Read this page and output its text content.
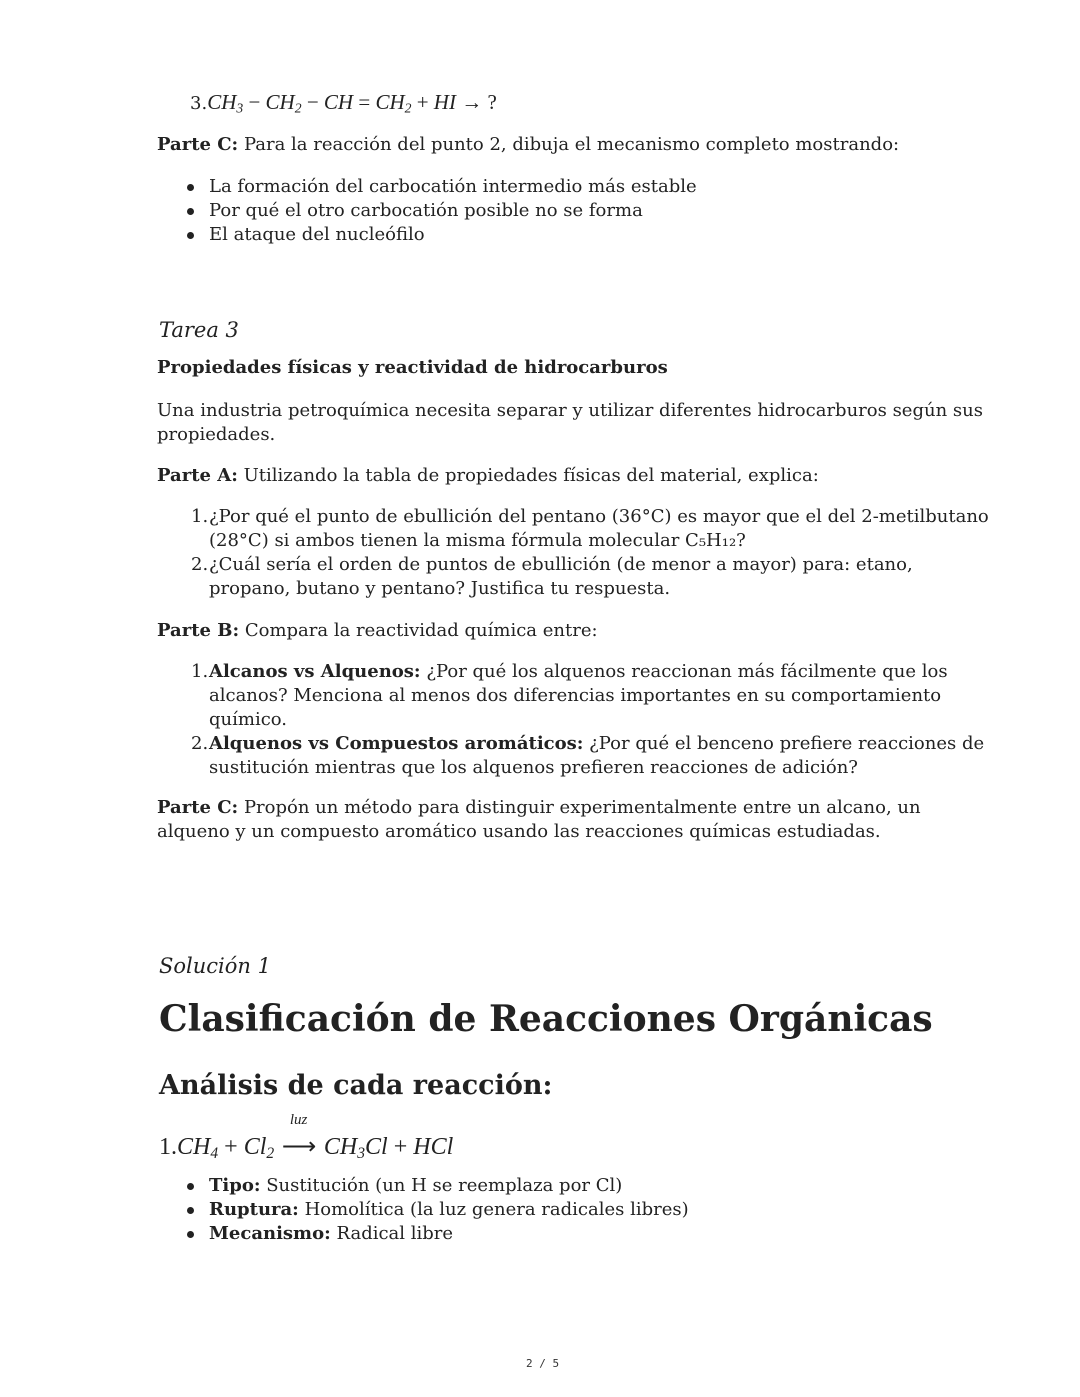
$3.CH_3 - CH_2$ − CH = $CH_2$ + HI → ?
Parte C: Para la reacción del punto 2, dibuja el mecanismo completo mostrando:
La formación del carbocatión intermedio más estable
Por qué el otro carbocatión posible no se forma
El ataque del nucleófilo
Tarea 3
Propiedades físicas y reactividad de hidrocarburos
Una industria petroquímica necesita separar y utilizar diferentes hidrocarburos según sus
propiedades.
Parte A: Utilizando la tabla de propiedades físicas del material, explica:
1. ¿Por qué el punto de ebullición del pentano (36°C) es mayor que el del 2-metilbutano
(28°C) si ambos tienen la misma fórmula molecular C₅H₁₂?
2. ¿Cuál sería el orden de puntos de ebullición (de menor a mayor) para: etano,
propano, butano y pentano? Justifica tu respuesta.
Parte B: Compara la reactividad química entre:
1. Alcanos vs Alquenos: ¿Por qué los alquenos reaccionan más fácilmente que los
alcanos? Menciona al menos dos diferencias importantes en su comportamiento
químico.
2. Alquenos vs Compuestos aromáticos: ¿Por qué el benceno prefiere reacciones de
sustitución mientras que los alquenos prefieren reacciones de adición?
Parte C: Propón un método para distinguir experimentalmente entre un alcano, un
alqueno y un compuesto aromático usando las reacciones químicas estudiadas.
Solución 1
Clasificación de Reacciones Orgánicas
Análisis de cada reacción:
$1.CH_4 + Cl_2$
luz
⟶ $CH_3Cl$ + HCl
Tipo: Sustitución (un H se reemplaza por Cl)
Ruptura: Homolítica (la luz genera radicales libres)
Mecanismo: Radical libre
2 / 5
